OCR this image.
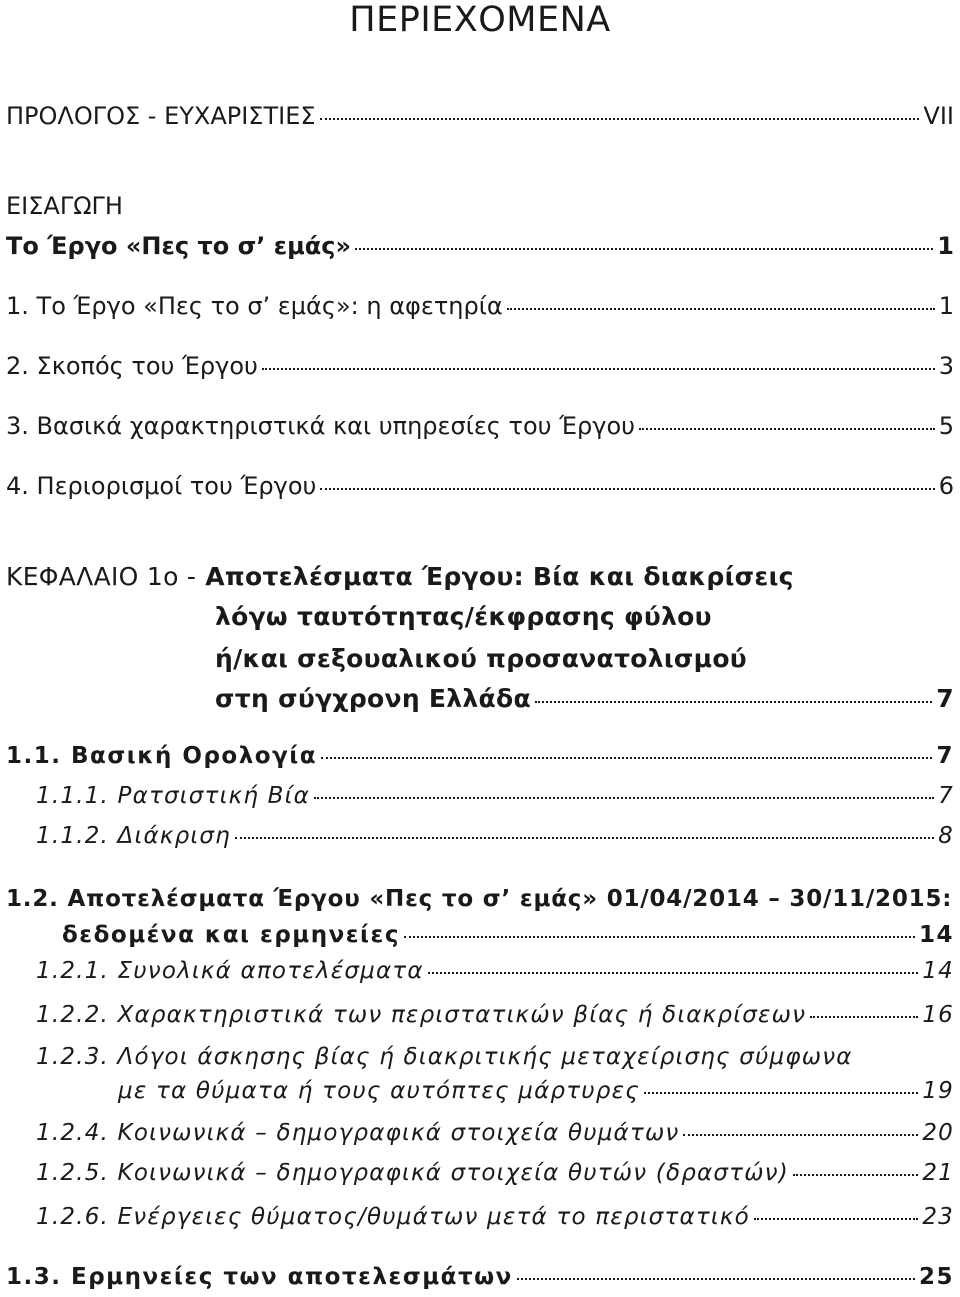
ΠΕΡΙΕΧΟΜΕΝΑ
ΠΡΟΛΟΓΟΣ - ΕΥΧΑΡΙΣΤΙΕΣ	VII
ΕΙΣΑΓΩΓΗ
Το Έργο «Πες το σ’ εμάς»	1
1. Το Έργο «Πες το σ’ εμάς»: η αφετηρία	1
2. Σκοπός του Έργου	3
3. Βασικά χαρακτηριστικά και υπηρεσίες του Έργου	5
4. Περιορισμοί του Έργου	6
ΚΕΦΑΛΑΙΟ 1ο - Αποτελέσματα Έργου: Βία και διακρίσεις
λόγω ταυτότητας/έκφρασης φύλου
ή/και σεξουαλικού προσανατολισμού
στη σύγχρονη Ελλάδα	7
1.1. Βασική Ορολογία	7
1.1.1. Ρατσιστική Βία	7
1.1.2. Διάκριση	8
1.2. Αποτελέσματα Έργου «Πες το σ’ εμάς» 01/04/2014 – 30/11/2015:
δεδομένα και ερμηνείες	14
1.2.1. Συνολικά αποτελέσματα	14
1.2.2. Χαρακτηριστικά των περιστατικών βίας ή διακρίσεων	16
1.2.3. Λόγοι άσκησης βίας ή διακριτικής μεταχείρισης σύμφωνα
με τα θύματα ή τους αυτόπτες μάρτυρες	19
1.2.4. Κοινωνικά – δημογραφικά στοιχεία θυμάτων	20
1.2.5. Κοινωνικά – δημογραφικά στοιχεία θυτών (δραστών)	21
1.2.6. Ενέργειες θύματος/θυμάτων μετά το περιστατικό	23
1.3. Ερμηνείες των αποτελεσμάτων	25
